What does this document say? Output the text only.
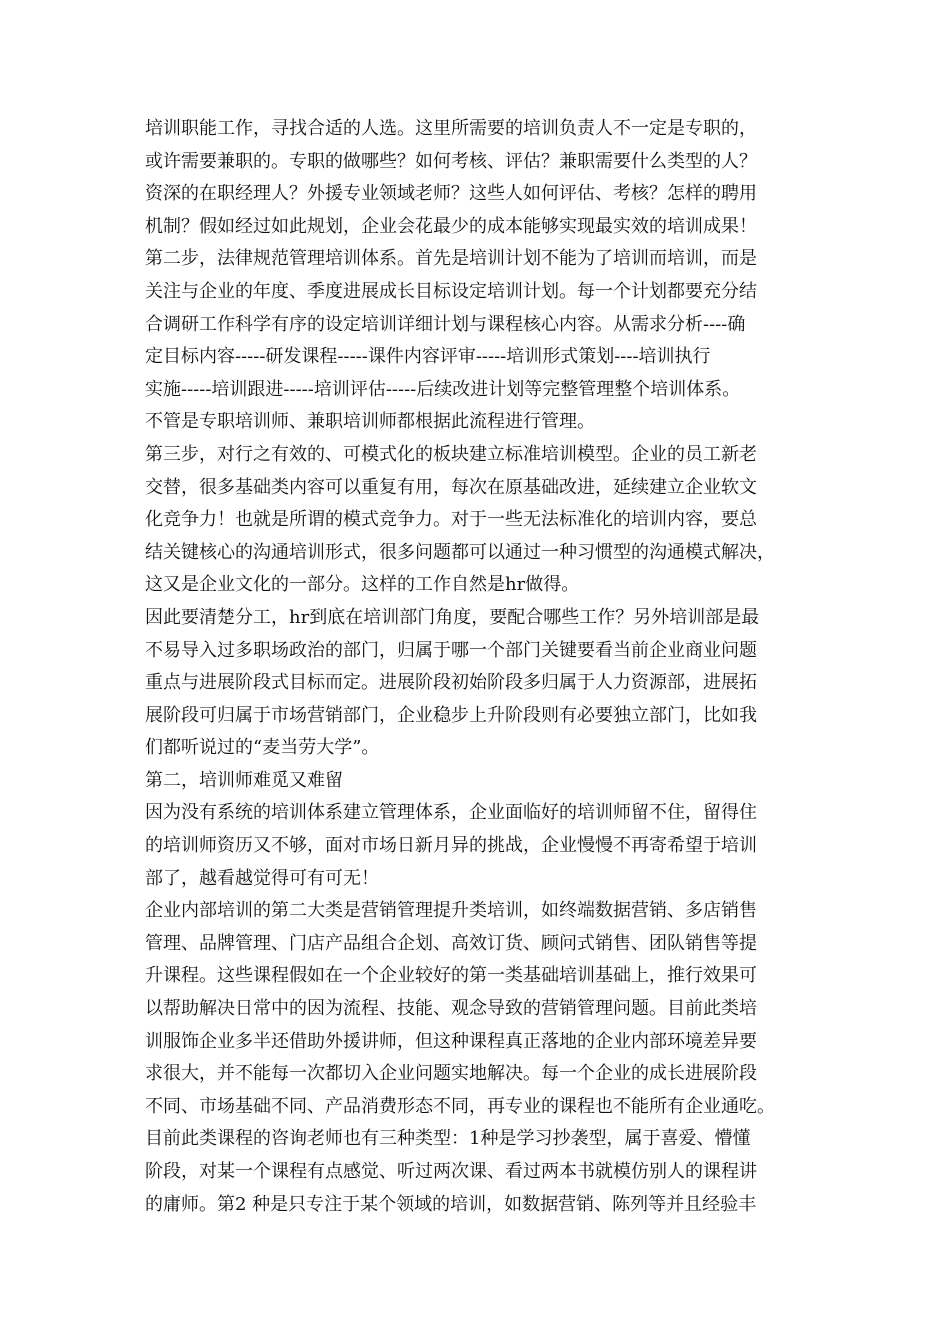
培训职能工作，寻找合适的人选。这里所需要的培训负责人不一定是专职的，
或许需要兼职的。专职的做哪些？如何考核、评估？兼职需要什么类型的人？
资深的在职经理人？外援专业领域老师？这些人如何评估、考核？怎样的聘用
机制？假如经过如此规划，企业会花最少的成本能够实现最实效的培训成果！
第二步，法律规范管理培训体系。首先是培训计划不能为了培训而培训，而是
关注与企业的年度、季度进展成长目标设定培训计划。每一个计划都要充分结
合调研工作科学有序的设定培训详细计划与课程核心内容。从需求分析----确
定目标内容-----研发课程-----课件内容评审-----培训形式策划----培训执行
实施-----培训跟进-----培训评估-----后续改进计划等完整管理整个培训体系。
不管是专职培训师、兼职培训师都根据此流程进行管理。
第三步，对行之有效的、可模式化的板块建立标准培训模型。企业的员工新老
交替，很多基础类内容可以重复有用，每次在原基础改进，延续建立企业软文
化竞争力！也就是所谓的模式竞争力。对于一些无法标准化的培训内容，要总
结关键核心的沟通培训形式，很多问题都可以通过一种习惯型的沟通模式解决，
这又是企业文化的一部分。这样的工作自然是hr做得。
因此要清楚分工，hr到底在培训部门角度，要配合哪些工作？另外培训部是最
不易导入过多职场政治的部门，归属于哪一个部门关键要看当前企业商业问题
重点与进展阶段式目标而定。进展阶段初始阶段多归属于人力资源部，进展拓
展阶段可归属于市场营销部门，企业稳步上升阶段则有必要独立部门，比如我
们都听说过的“麦当劳大学”。
第二，培训师难觅又难留
因为没有系统的培训体系建立管理体系，企业面临好的培训师留不住，留得住
的培训师资历又不够，面对市场日新月异的挑战，企业慢慢不再寄希望于培训
部了，越看越觉得可有可无！
企业内部培训的第二大类是营销管理提升类培训，如终端数据营销、多店销售
管理、品牌管理、门店产品组合企划、高效订货、顾问式销售、团队销售等提
升课程。这些课程假如在一个企业较好的第一类基础培训基础上，推行效果可
以帮助解决日常中的因为流程、技能、观念导致的营销管理问题。目前此类培
训服饰企业多半还借助外援讲师，但这种课程真正落地的企业内部环境差异要
求很大，并不能每一次都切入企业问题实地解决。每一个企业的成长进展阶段
不同、市场基础不同、产品消费形态不同，再专业的课程也不能所有企业通吃。
目前此类课程的咨询老师也有三种类型：1种是学习抄袭型，属于喜爱、懵懂
阶段，对某一个课程有点感觉、听过两次课、看过两本书就模仿别人的课程讲
的庸师。第2 种是只专注于某个领域的培训，如数据营销、陈列等并且经验丰
